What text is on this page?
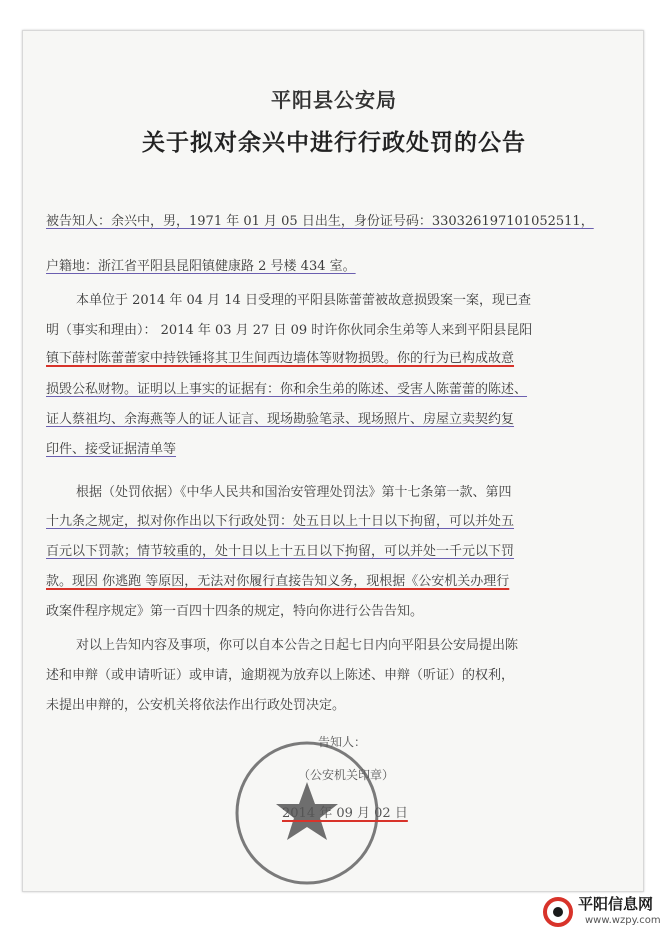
平阳县公安局
关于拟对余兴中进行行政处罚的公告
被告知人：余兴中，男，1971 年 01 月 05 日出生，身份证号码：330326197101052511，
户籍地：浙江省平阳县昆阳镇健康路 2 号楼 434 室。
本单位于 2014 年 04 月 14 日受理的平阳县陈蕾蕾被故意损毁案一案，现已查
明（事实和理由）： 2014 年 03 月 27 日 09 时许你伙同余生弟等人来到平阳县昆阳
镇下薛村陈蕾蕾家中持铁锤将其卫生间西边墙体等财物损毁。你的行为已构成故意
损毁公私财物。证明以上事实的证据有：你和余生弟的陈述、受害人陈蕾蕾的陈述、
证人蔡祖均、余海燕等人的证人证言、现场勘验笔录、现场照片、房屋立卖契约复
印件、接受证据清单等
根据（处罚依据）《中华人民共和国治安管理处罚法》第十七条第一款、第四
十九条之规定，拟对你作出以下行政处罚：处五日以上十日以下拘留，可以并处五
百元以下罚款；情节较重的，处十日以上十五日以下拘留，可以并处一千元以下罚
款。现因 你逃跑 等原因，无法对你履行直接告知义务，现根据《公安机关办理行
政案件程序规定》第一百四十四条的规定，特向你进行公告告知。
对以上告知内容及事项，你可以自本公告之日起七日内向平阳县公安局提出陈
述和申辩（或申请听证）或申请，逾期视为放弃以上陈述、申辩（听证）的权利，
未提出申辩的，公安机关将依法作出行政处罚决定。
告知人：
（公安机关印章）
2014 年 09 月 02 日
平阳信息网
www.wzpy.com
